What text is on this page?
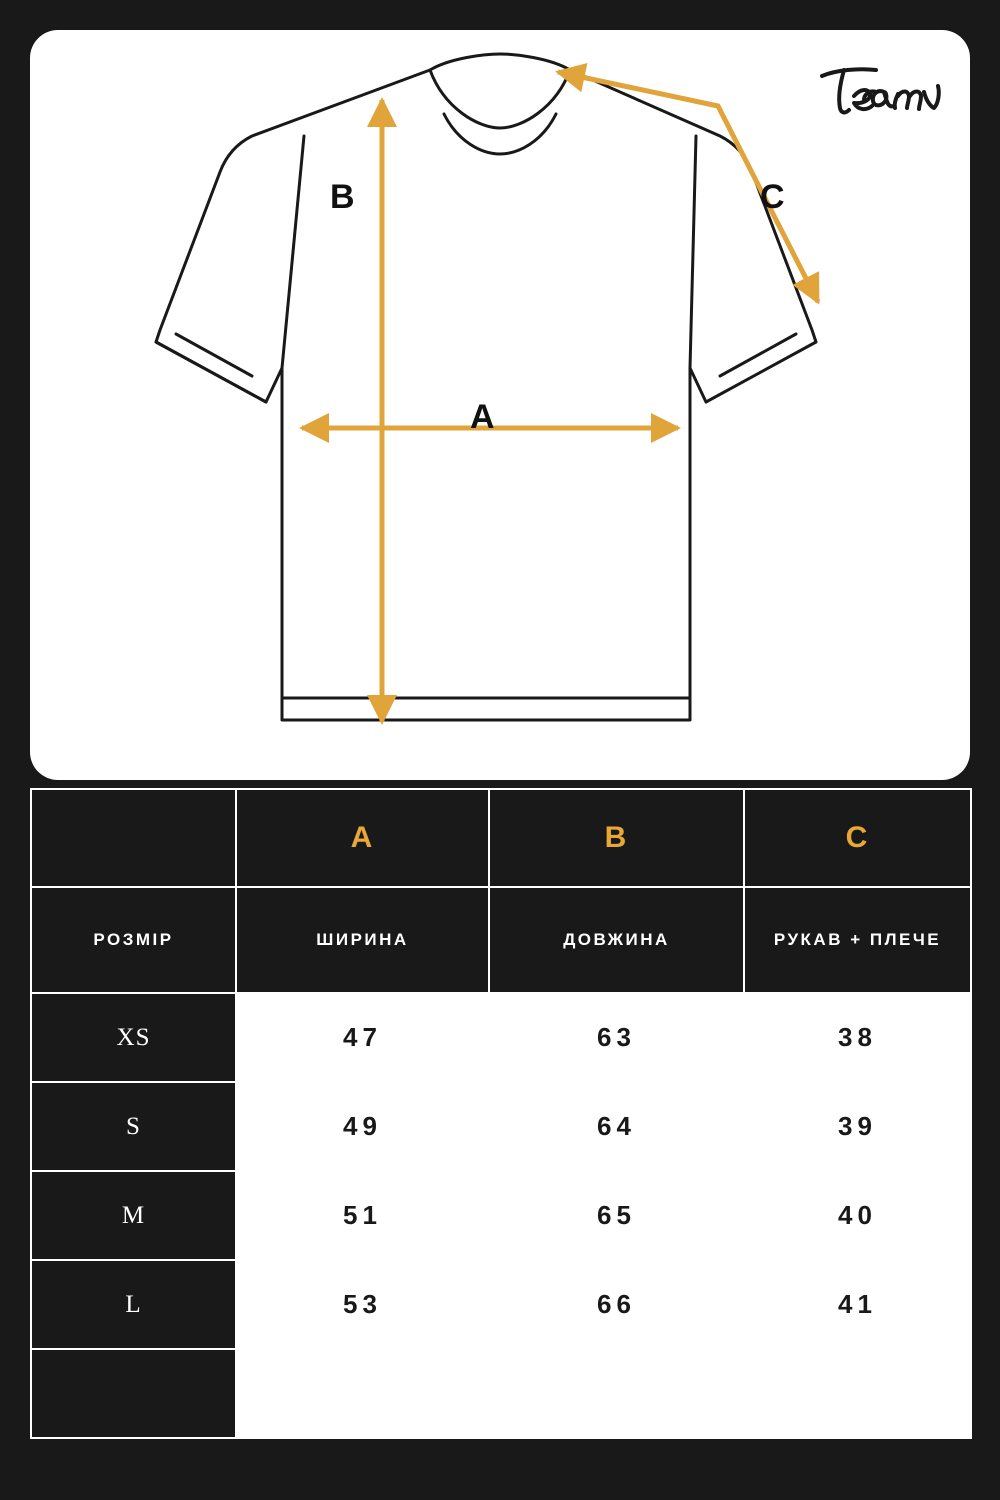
A
B	C
	A	B	C
РОЗМІР	ШИРИНА	ДОВЖИНА	РУКАВ + ПЛЕЧЕ
XS	47	63	38
S	49	64	39
M	51	65	40
L	53	66	41
